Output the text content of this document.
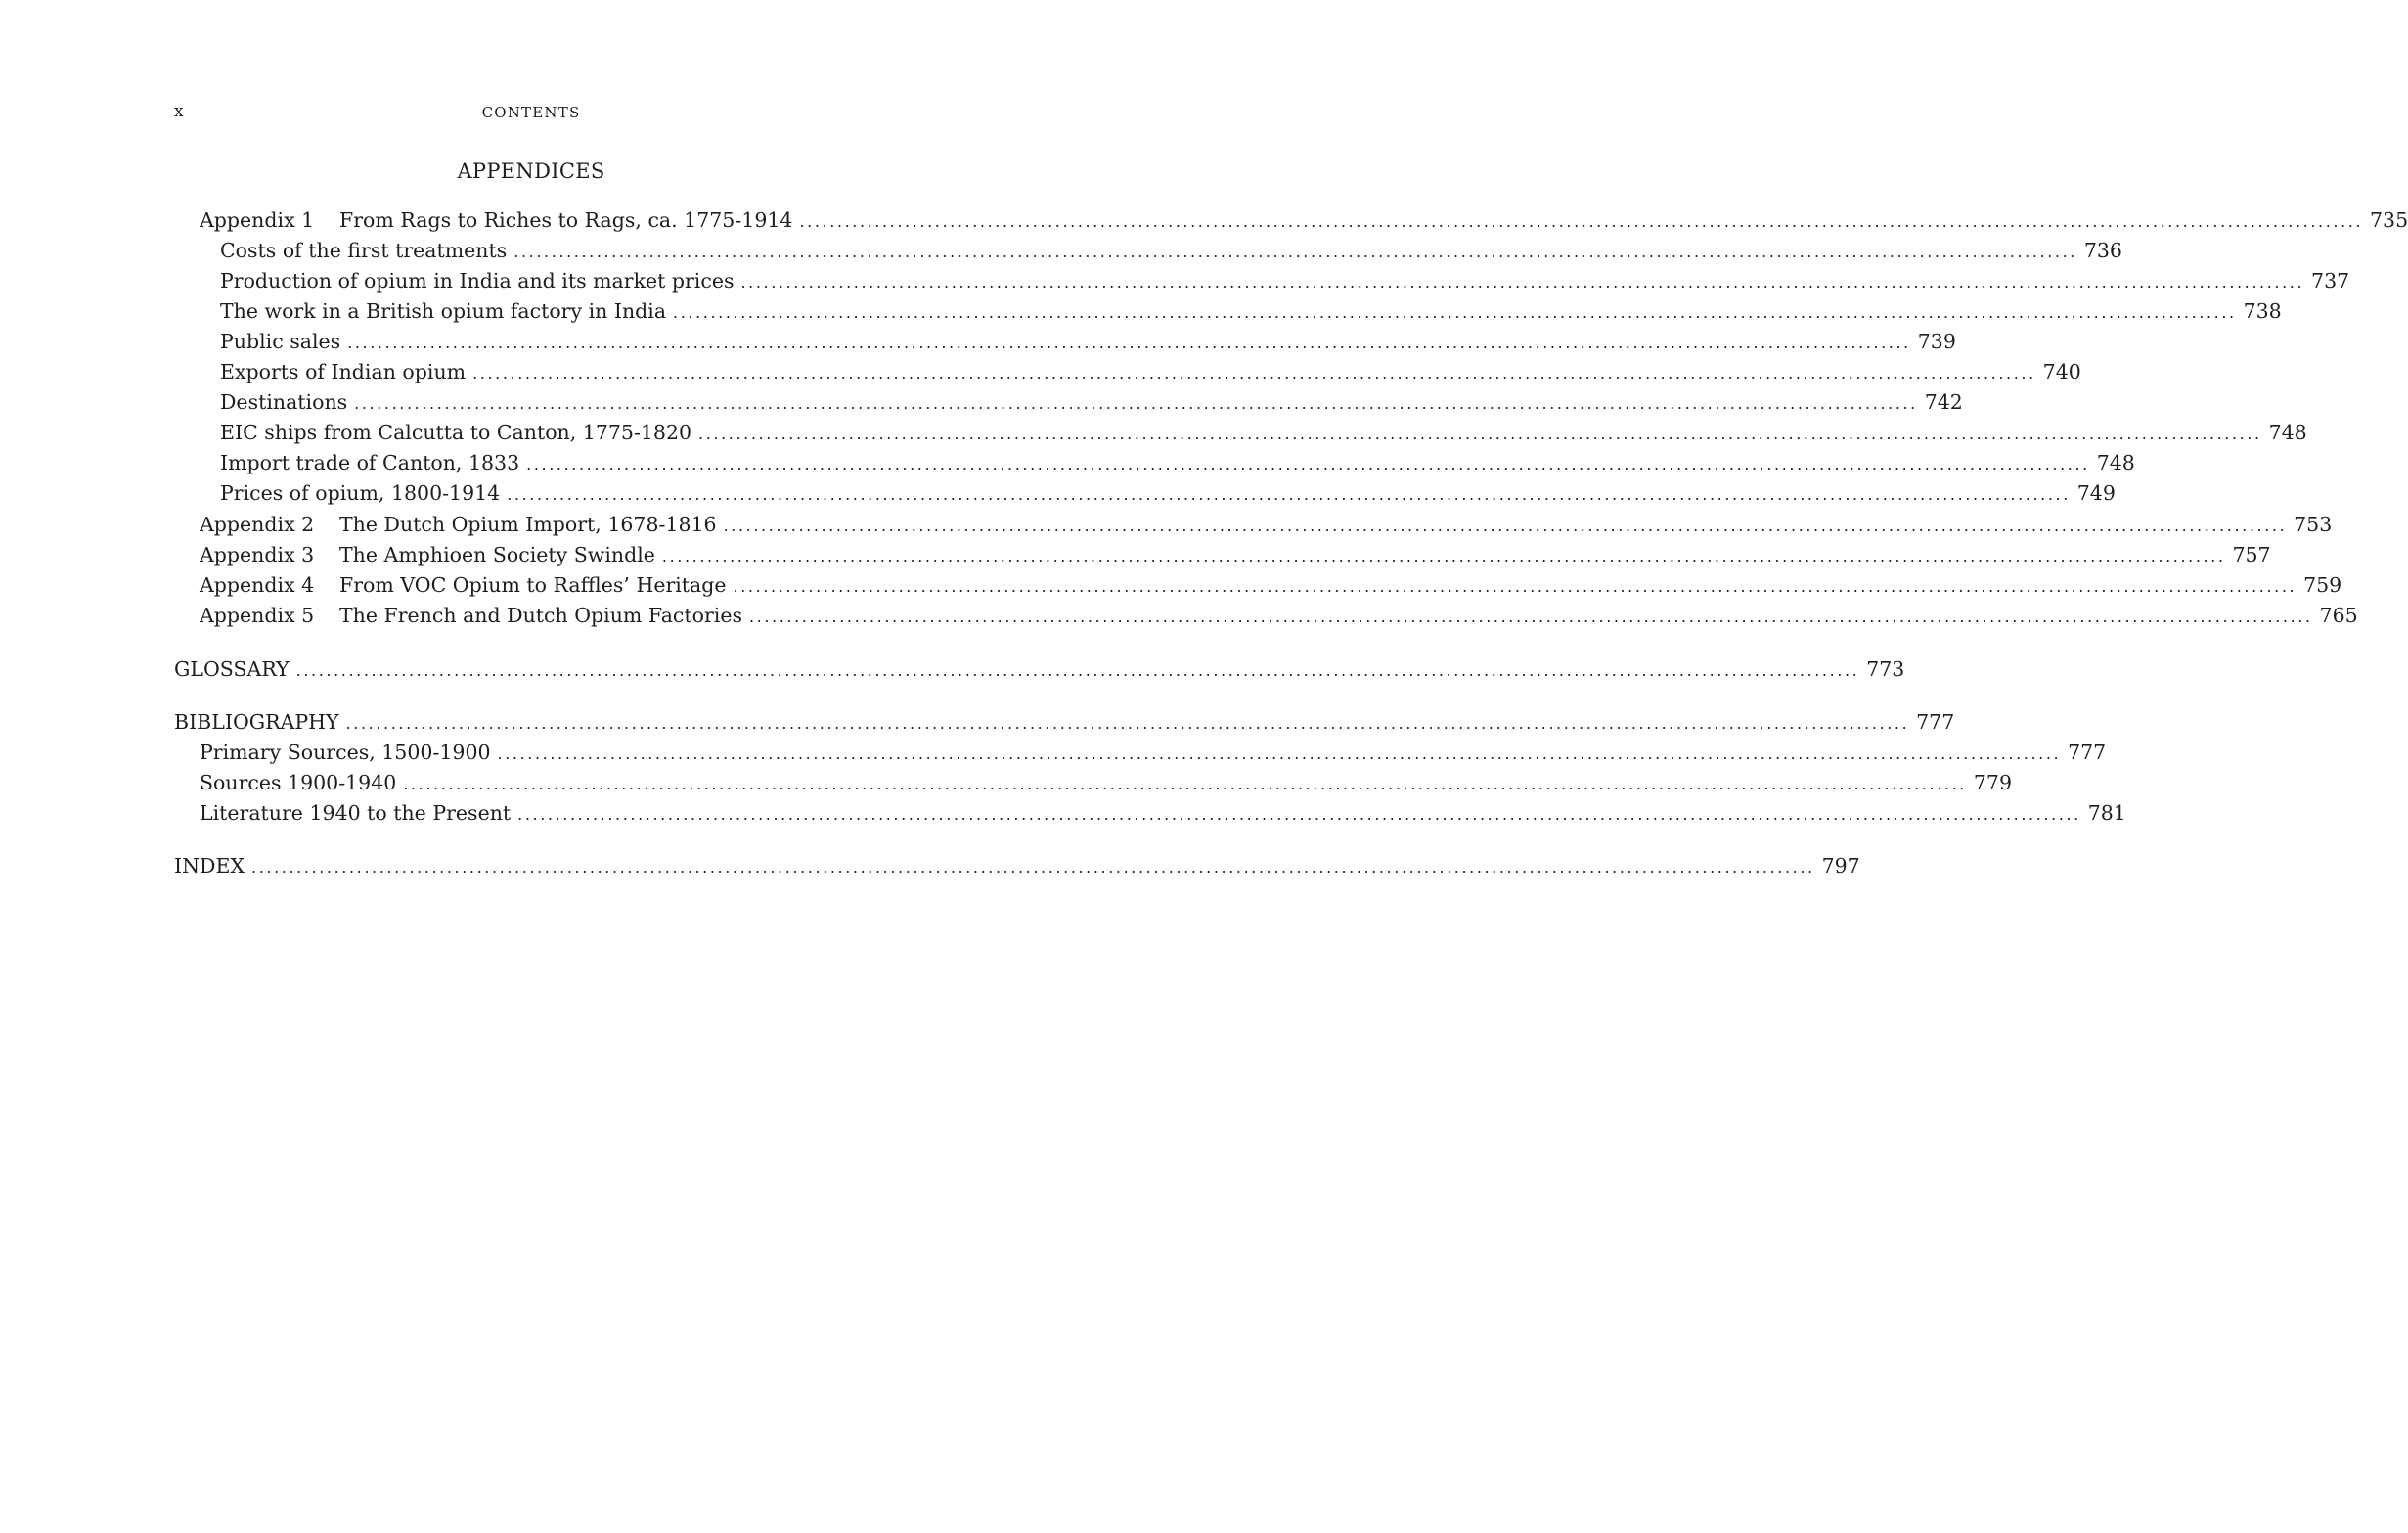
x	CONTENTS
APPENDICES
Appendix 1 From Rags to Riches to Rags, ca. 1775-1914 ................................................................................................................................................................................................................ 735
Costs of the first treatments ................................................................................................................................................................................................................ 736
Production of opium in India and its market prices ................................................................................................................................................................................................................ 737
The work in a British opium factory in India ................................................................................................................................................................................................................ 738
Public sales ................................................................................................................................................................................................................ 739
Exports of Indian opium ................................................................................................................................................................................................................ 740
Destinations ................................................................................................................................................................................................................ 742
EIC ships from Calcutta to Canton, 1775-1820 ................................................................................................................................................................................................................ 748
Import trade of Canton, 1833 ................................................................................................................................................................................................................ 748
Prices of opium, 1800-1914 ................................................................................................................................................................................................................ 749
Appendix 2 The Dutch Opium Import, 1678-1816 ................................................................................................................................................................................................................ 753
Appendix 3 The Amphioen Society Swindle ................................................................................................................................................................................................................ 757
Appendix 4 From VOC Opium to Raffles’ Heritage ................................................................................................................................................................................................................ 759
Appendix 5 The French and Dutch Opium Factories ................................................................................................................................................................................................................ 765
GLOSSARY ................................................................................................................................................................................................................ 773
BIBLIOGRAPHY ................................................................................................................................................................................................................ 777
Primary Sources, 1500-1900 ................................................................................................................................................................................................................ 777
Sources 1900-1940 ................................................................................................................................................................................................................ 779
Literature 1940 to the Present ................................................................................................................................................................................................................ 781
INDEX ................................................................................................................................................................................................................ 797
